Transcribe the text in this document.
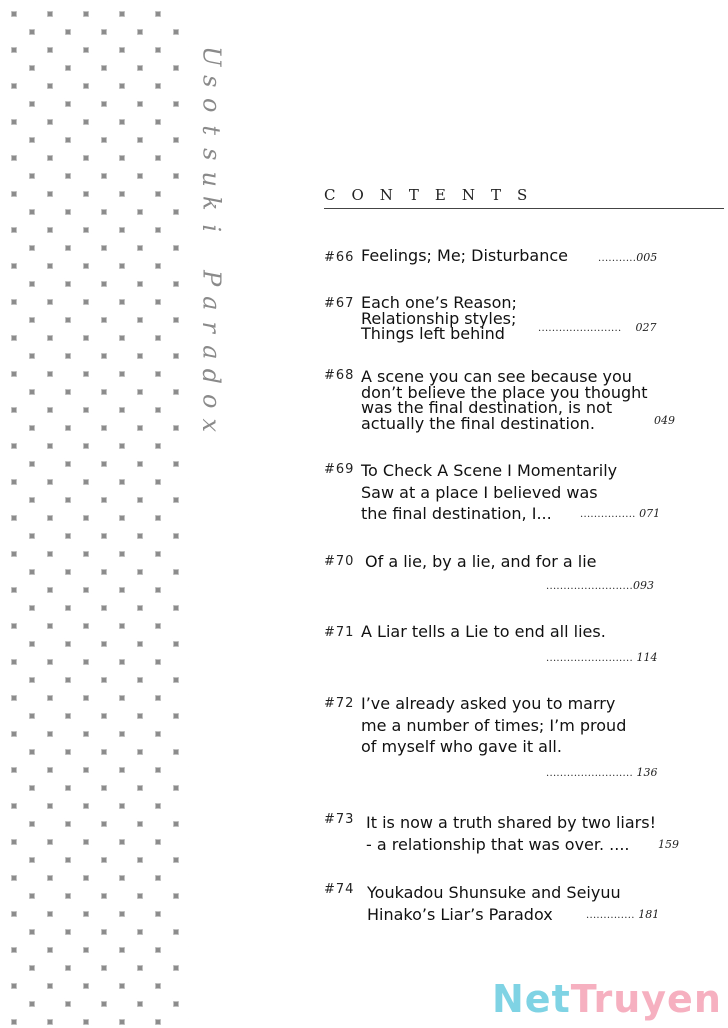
U
s
o
t
s
u
k
i

P
a
r
a
d
o
x
CONTENTS
#66 Feelings; Me; Disturbance	...........005
#67 Each one’s Reason;
Relationship styles;
Things left behind	........................ 027
#68 A scene you can see because you
don’t believe the place you thought
was the final destination, is not
actually the final destination.	049
#69 To Check A Scene I Momentarily
Saw at a place I believed was
the final destination, I...	................ 071
#70 Of a lie, by a lie, and for a lie
.........................093
#71 A Liar tells a Lie to end all lies.
......................... 114
#72 I’ve already asked you to marry
me a number of times; I’m proud
of myself who gave it all.
......................... 136
#73 It is now a truth shared by two liars!
- a relationship that was over. ....	159
#74 Youkadou Shunsuke and Seiyuu
Hinako’s Liar’s Paradox	.............. 181
NetTruyen
